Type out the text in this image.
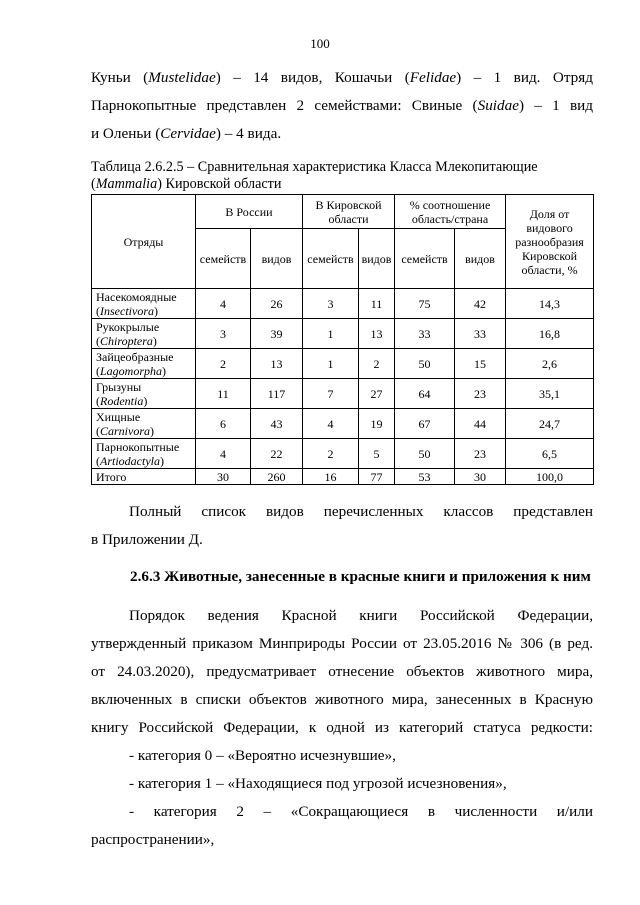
100
Куньи (Mustelidae) – 14 видов, Кошачьи (Felidae) – 1 вид. Отряд
Парнокопытные представлен 2 семействами: Свиные (Suidae) – 1 вид
и Оленьи (Cervidae) – 4 вида.
Таблица 2.6.2.5 – Сравнительная характеристика Класса Млекопитающие
(Mammalia) Кировской области
Отряды	В России		В Кировской области		% соотношение область/страна		Доля от видового разнообразия Кировской области, %
	семейств	видов	семейств	видов	семейств	видов	
Насекомоядные
(Insectivora)	4	26	3	11	75	42	14,3
Рукокрылые
(Chiroptera)	3	39	1	13	33	33	16,8
Зайцеобразные
(Lagomorpha)	2	13	1	2	50	15	2,6
Грызуны
(Rodentia)	11	117	7	27	64	23	35,1
Хищные
(Carnivora)	6	43	4	19	67	44	24,7
Парнокопытные
(Artiodactyla)	4	22	2	5	50	23	6,5
Итого	30	260	16	77	53	30	100,0
Полный список видов перечисленных классов представлен
в Приложении Д.
2.6.3 Животные, занесенные в красные книги и приложения к ним
Порядок ведения Красной книги Российской Федерации,
утвержденный приказом Минприроды России от 23.05.2016 № 306 (в ред.
от 24.03.2020), предусматривает отнесение объектов животного мира,
включенных в списки объектов животного мира, занесенных в Красную
книгу Российской Федерации, к одной из категорий статуса редкости:
- категория 0 – «Вероятно исчезнувшие»,
- категория 1 – «Находящиеся под угрозой исчезновения»,
- категория 2 – «Сокращающиеся в численности и/или
распространении»,
